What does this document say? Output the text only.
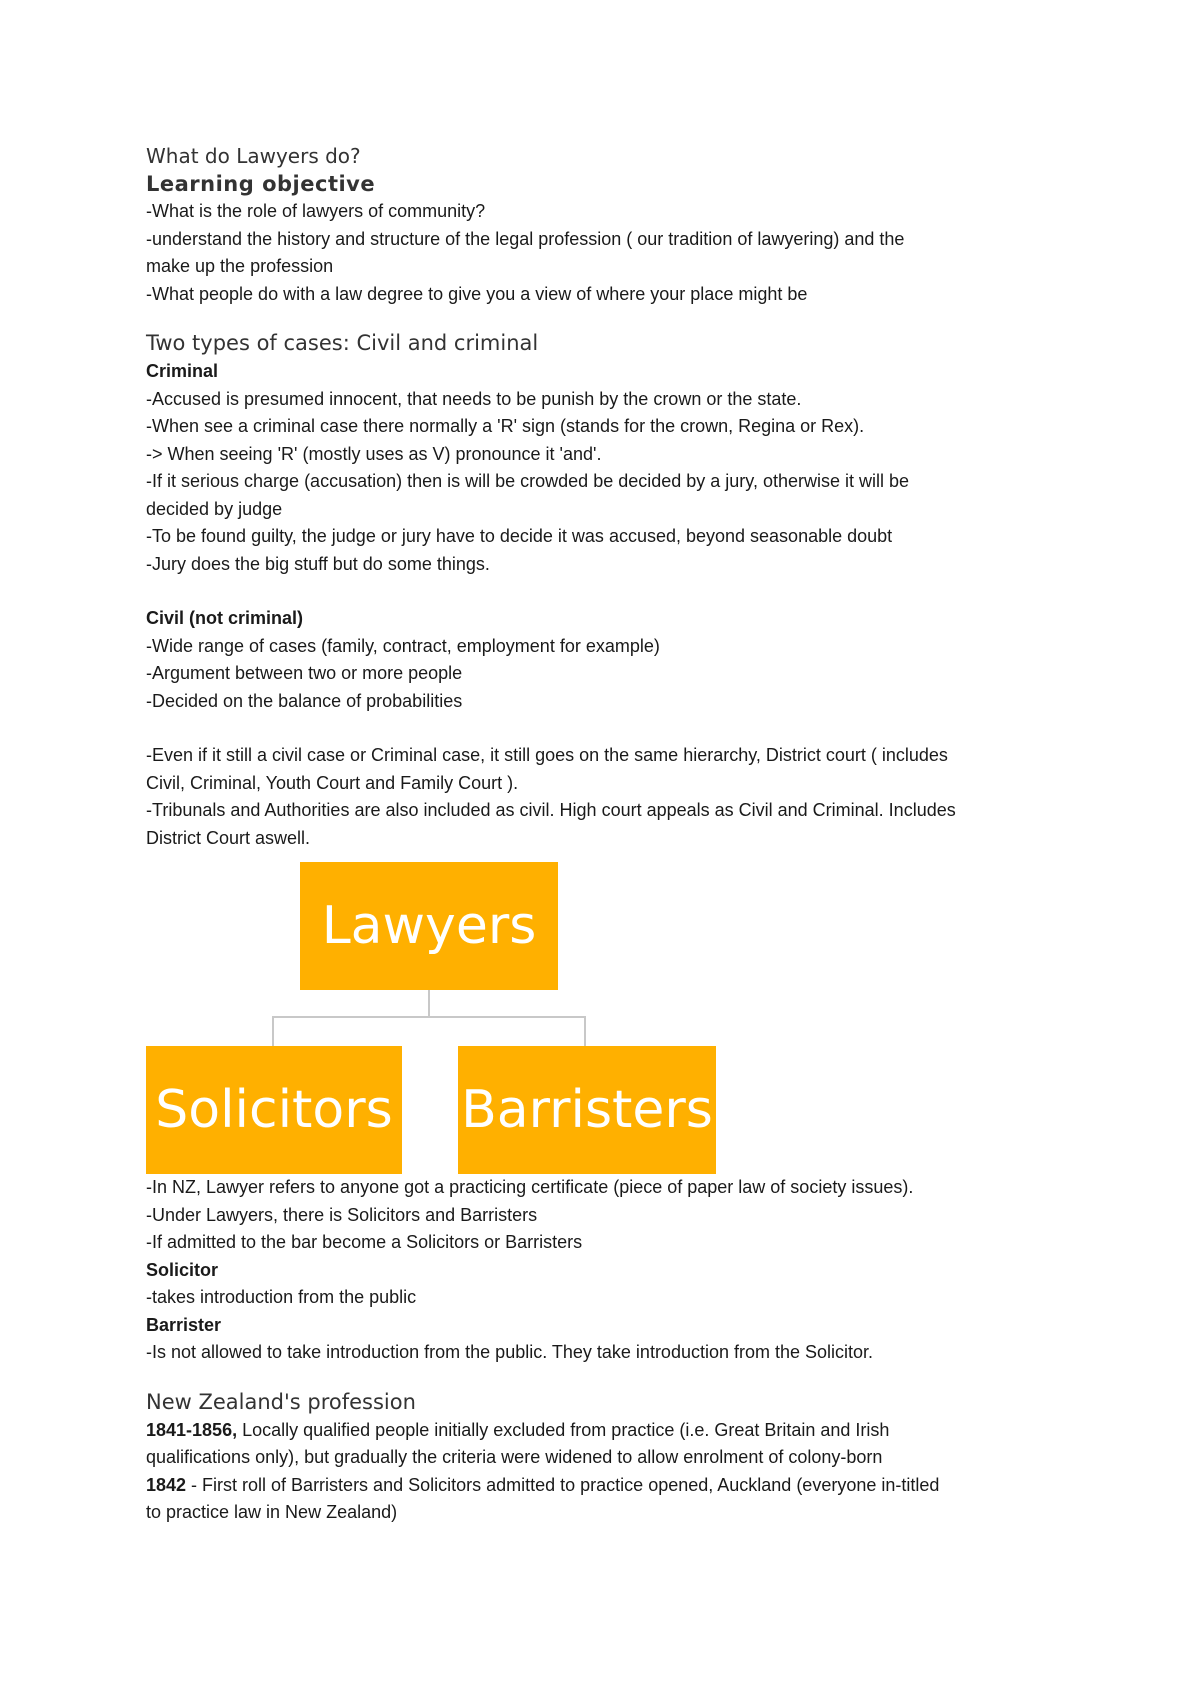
What do Lawyers do?
Learning objective

-What is the role of lawyers of community?

-understand the history and structure of the legal profession ( our tradition of lawyering) and the

make up the profession

-What people do with a law degree to give you a view of where your place might be

Two types of cases: Civil and criminal

Criminal

-Accused is presumed innocent, that needs to be punish by the crown or the state.

-When see a criminal case there normally a 'R' sign (stands for the crown, Regina or Rex).

-> When seeing 'R' (mostly uses as V) pronounce it 'and'.

-If it serious charge (accusation) then is will be crowded be decided by a jury, otherwise it will be

decided by judge

-To be found guilty, the judge or jury have to decide it was accused, beyond seasonable doubt

-Jury does the big stuff but do some things.

Civil (not criminal)

-Wide range of cases (family, contract, employment for example)

-Argument between two or more people

-Decided on the balance of probabilities

-Even if it still a civil case or Criminal case, it still goes on the same hierarchy, District court ( includes

Civil, Criminal, Youth Court and Family Court ).

-Tribunals and Authorities are also included as civil. High court appeals as Civil and Criminal. Includes

District Court aswell.

Lawyers
Solicitors Barristers

-In NZ, Lawyer refers to anyone got a practicing certificate (piece of paper law of society issues).

-Under Lawyers, there is Solicitors and Barristers

-If admitted to the bar become a Solicitors or Barristers

Solicitor

-takes introduction from the public

Barrister

-Is not allowed to take introduction from the public. They take introduction from the Solicitor.

New Zealand's profession

1841-1856, Locally qualified people initially excluded from practice (i.e. Great Britain and Irish

qualifications only), but gradually the criteria were widened to allow enrolment of colony-born

1842 - First roll of Barristers and Solicitors admitted to practice opened, Auckland (everyone in-titled

to practice law in New Zealand)
